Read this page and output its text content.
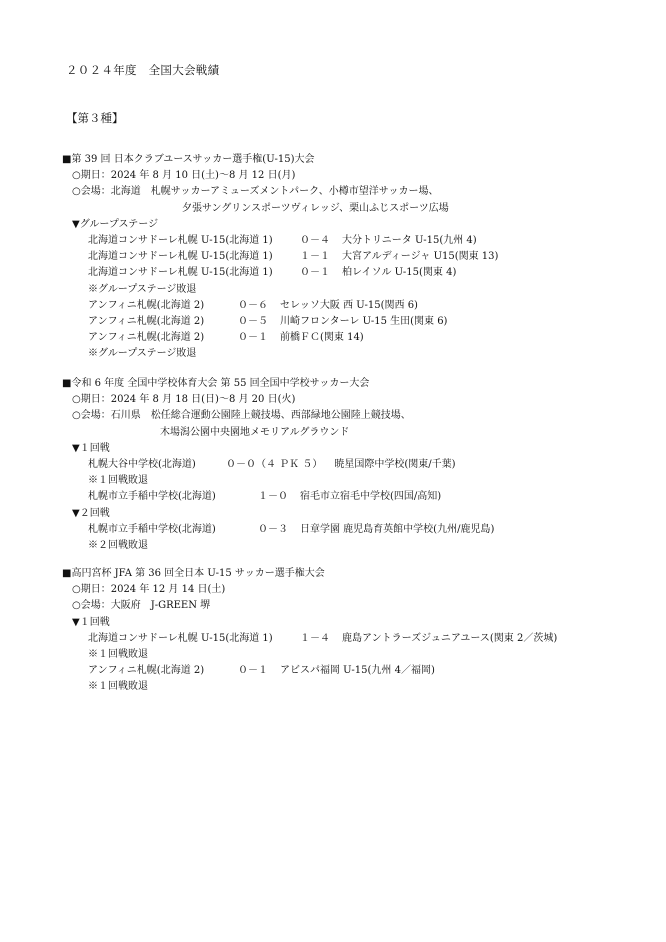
２０２４年度　全国大会戦績
【第３種】
■第 39 回 日本クラブユースサッカー選手権(U-15)大会
○期日：2024 年 8 月 10 日(土)～8 月 12 日(月)
○会場：北海道　札幌サッカーアミューズメントパーク、小樽市望洋サッカー場、
夕張サングリンスポーツヴィレッジ、栗山ふじスポーツ広場
▼グループステージ
北海道コンサドーレ札幌 U-15(北海道 1)	０－４ 大分トリニータ U-15(九州 4)
北海道コンサドーレ札幌 U-15(北海道 1)	１－１ 大宮アルディージャ U15(関東 13)
北海道コンサドーレ札幌 U-15(北海道 1)	０－１ 柏レイソル U-15(関東 4)
※グループステージ敗退
アンフィニ札幌(北海道 2)	０－６ セレッソ大阪 西 U-15(関西 6)
アンフィニ札幌(北海道 2)	０－５ 川崎フロンターレ U-15 生田(関東 6)
アンフィニ札幌(北海道 2)	０－１ 前橋ＦＣ(関東 14)
※グループステージ敗退
■令和 6 年度 全国中学校体育大会 第 55 回全国中学校サッカー大会
○期日：2024 年 8 月 18 日(日)～8 月 20 日(火)
○会場：石川県　松任総合運動公園陸上競技場、西部緑地公園陸上競技場、
木場潟公園中央園地メモリアルグラウンド
▼１回戦
札幌大谷中学校(北海道)	０－０（４ ＰＫ ５） 暁星国際中学校(関東/千葉)
※１回戦敗退
札幌市立手稲中学校(北海道)	１－０ 宿毛市立宿毛中学校(四国/高知)
▼２回戦
札幌市立手稲中学校(北海道)	０－３ 日章学園 鹿児島育英館中学校(九州/鹿児島)
※２回戦敗退
■高円宮杯 JFA 第 36 回全日本 U-15 サッカー選手権大会
○期日：2024 年 12 月 14 日(土)
○会場：大阪府　J-GREEN 堺
▼１回戦
北海道コンサドーレ札幌 U-15(北海道 1)	１－４ 鹿島アントラーズジュニアユース(関東 2／茨城)
※１回戦敗退
アンフィニ札幌(北海道 2)	０－１ アビスパ福岡 U-15(九州 4／福岡)
※１回戦敗退
